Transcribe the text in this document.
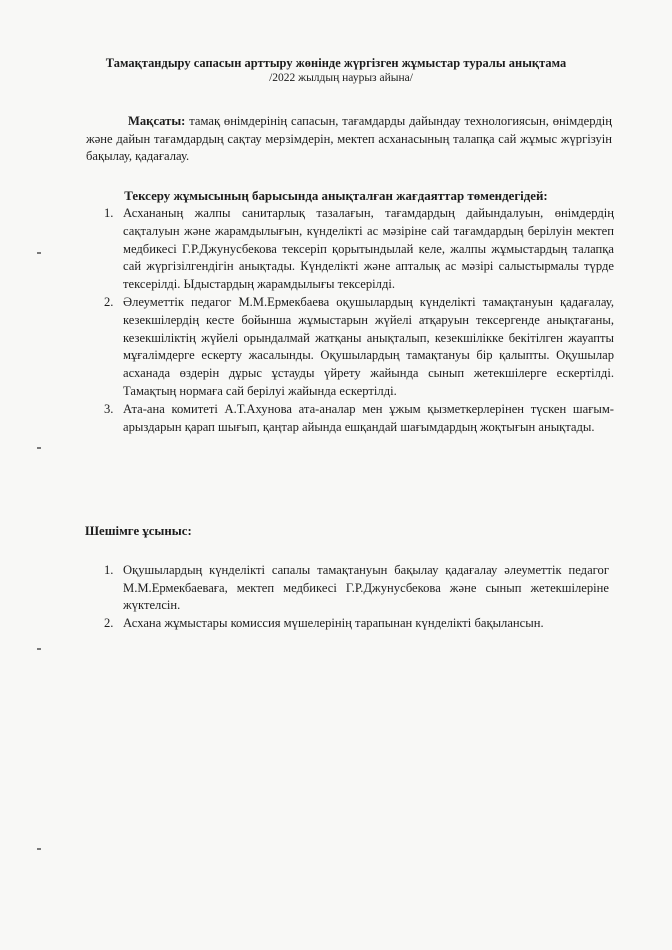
Тамақтандыру сапасын арттыру жөнінде жүргізген жұмыстар туралы анықтама
/2022 жылдың наурыз айына/

Мақсаты: тамақ өнімдерінің сапасын, тағамдарды дайындау технологиясын, өнімдердің және дайын тағамдардың сақтау мерзімдерін, мектеп асханасының талапқа сай жұмыс жүргізуін бақылау, қадағалау.

Тексеру жұмысының барысында анықталған жағдаяттар төмендегідей:
1. Асхананың жалпы санитарлық тазалағын, тағамдардың дайындалуын, өнімдердің сақталуын және жарамдылығын, күнделікті ас мәзіріне сай тағамдардың берілуін мектеп медбикесі Г.Р.Джунусбекова тексеріп қорытындылай келе, жалпы жұмыстардың талапқа сай жүргізілгендігін анықтады. Күнделікті және апталық ас мәзірі салыстырмалы түрде тексерілді. Ыдыстардың жарамдылығы тексерілді.
2. Әлеуметтік педагог М.М.Ермекбаева оқушылардың күнделікті тамақтануын қадағалау, кезекшілердің кесте бойынша жұмыстарын жүйелі атқаруын тексергенде анықтағаны, кезекшіліктің жүйелі орындалмай жатқаны анықталып, кезекшілікке бекітілген жауапты мұғалімдерге ескерту жасалынды. Оқушылардың тамақтануы бір қалыпты. Оқушылар асханада өздерін дұрыс ұстауды үйрету жайында сынып жетекшілерге ескертілді. Тамақтың нормаға сай берілуі жайында ескертілді.
3. Ата-ана комитеті А.Т.Ахунова ата-аналар мен ұжым қызметкерлерінен түскен шағым-арыздарын қарап шығып, қаңтар айында ешқандай шағымдардың жоқтығын анықтады.
Шешімге ұсыныс:
1. Оқушылардың күнделікті сапалы тамақтануын бақылау қадағалау әлеуметтік педагог М.М.Ермекбаеваға, мектеп медбикесі Г.Р.Джунусбекова және сынып жетекшілеріне жүктелсін.
2. Асхана жұмыстары комиссия мүшелерінің тарапынан күнделікті бақылансын.
